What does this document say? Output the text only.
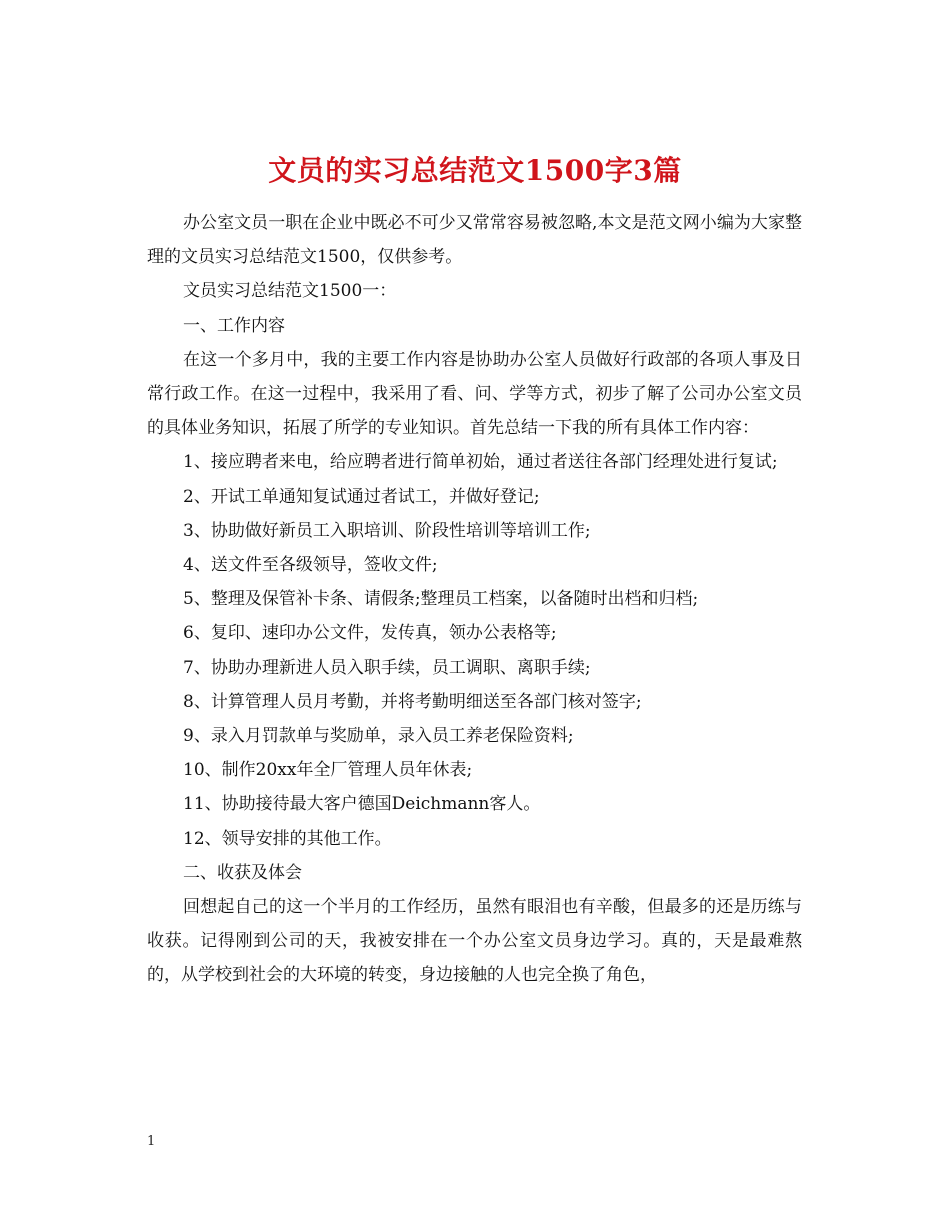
文员的实习总结范文1500字3篇

办公室文员一职在企业中既必不可少又常常容易被忽略,本文是范文网小编为大家整理的文员实习总结范文1500，仅供参考。

文员实习总结范文1500一：

一、工作内容

在这一个多月中，我的主要工作内容是协助办公室人员做好行政部的各项人事及日常行政工作。在这一过程中，我采用了看、问、学等方式，初步了解了公司办公室文员的具体业务知识，拓展了所学的专业知识。首先总结一下我的所有具体工作内容：

1、接应聘者来电，给应聘者进行简单初始，通过者送往各部门经理处进行复试;

2、开试工单通知复试通过者试工，并做好登记;

3、协助做好新员工入职培训、阶段性培训等培训工作;

4、送文件至各级领导，签收文件;

5、整理及保管补卡条、请假条;整理员工档案，以备随时出档和归档;

6、复印、速印办公文件，发传真，领办公表格等;

7、协助办理新进人员入职手续，员工调职、离职手续;

8、计算管理人员月考勤，并将考勤明细送至各部门核对签字;

9、录入月罚款单与奖励单，录入员工养老保险资料;

10、制作20xx年全厂管理人员年休表;

11、协助接待最大客户德国Deichmann客人。

12、领导安排的其他工作。

二、收获及体会

回想起自己的这一个半月的工作经历，虽然有眼泪也有辛酸，但最多的还是历练与收获。记得刚到公司的天，我被安排在一个办公室文员身边学习。真的，天是最难熬的，从学校到社会的大环境的转变，身边接触的人也完全换了角色，

1
